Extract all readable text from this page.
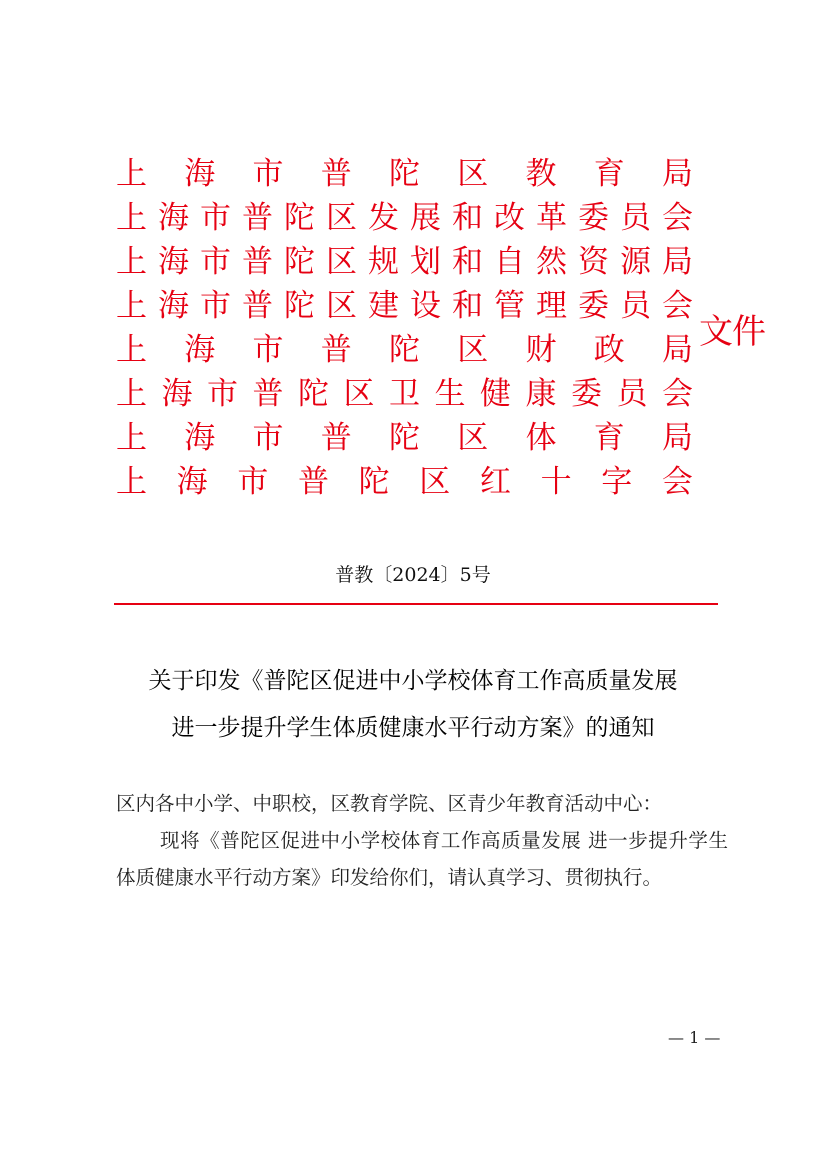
上 海 市 普 陀 区 教 育 局
上 海 市 普 陀 区 发 展 和 改 革 委 员 会
上 海 市 普 陀 区 规 划 和 自 然 资 源 局
上 海 市 普 陀 区 建 设 和 管 理 委 员 会
上 海 市 普 陀 区 财 政 局
上 海 市 普 陀 区 卫 生 健 康 委 员 会
上 海 市 普 陀 区 体 育 局
上 海 市 普 陀 区 红 十 字 会
文件
普教〔2024〕5号
关于印发《普陀区促进中小学校体育工作高质量发展
进一步提升学生体质健康水平行动方案》的通知
区内各中小学、中职校，区教育学院、区青少年教育活动中心：
现将《普陀区促进中小学校体育工作高质量发展 进一步提升学生体质健康水平行动方案》印发给你们，请认真学习、贯彻执行。
— 1 —
